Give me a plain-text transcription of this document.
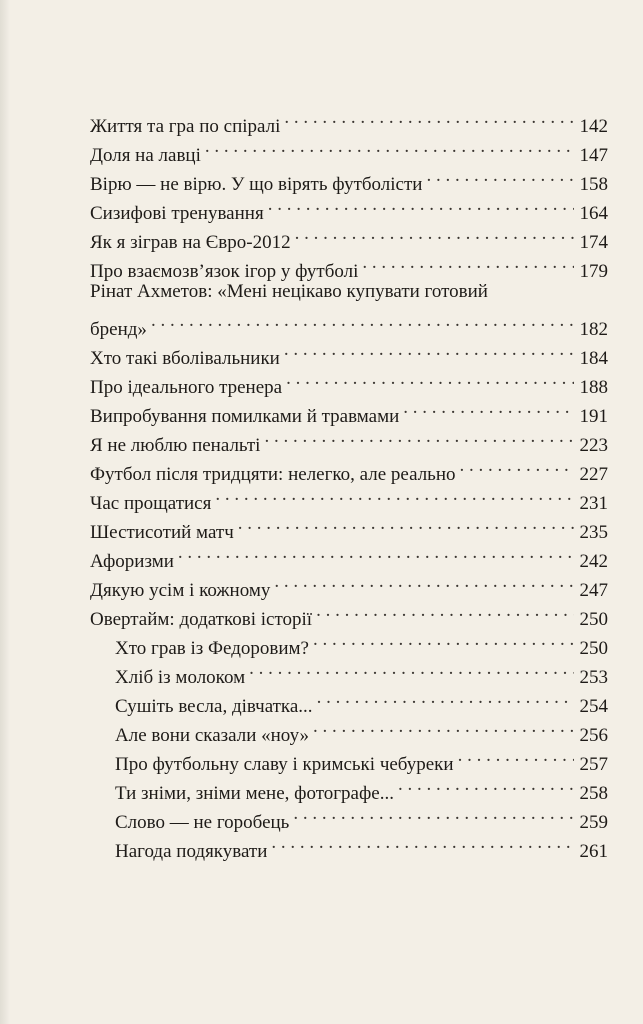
Життя та гра по спіралі . . .	142
Доля на лавці . . .	147
Вірю — не вірю. У що вірять футболісти . . .	158
Сизифові тренування . . .	164
Як я зіграв на Євро-2012 . . .	174
Про взаємозв’язок ігор у футболі . . .	179
Рінат Ахметов: «Мені нецікаво купувати готовий
бренд» . . .	182
Хто такі вболівальники . . .	184
Про ідеального тренера . . .	188
Випробування помилками й травмами . . .	191
Я не люблю пенальті . . .	223
Футбол після тридцяти: нелегко, але реально . . .	227
Час прощатися . . .	231
Шестисотий матч . . .	235
Афоризми . . .	242
Дякую усім і кожному . . .	247
Овертайм: додаткові історії . . .	250
Хто грав із Федоровим? . . .	250
Хліб із молоком . . .	253
Сушіть весла, дівчатка... . . .	254
Але вони сказали «ноу» . . .	256
Про футбольну славу і кримські чебуреки . . .	257
Ти зніми, зніми мене, фотографе... . . .	258
Слово — не горобець . . .	259
Нагода подякувати . . .	261
